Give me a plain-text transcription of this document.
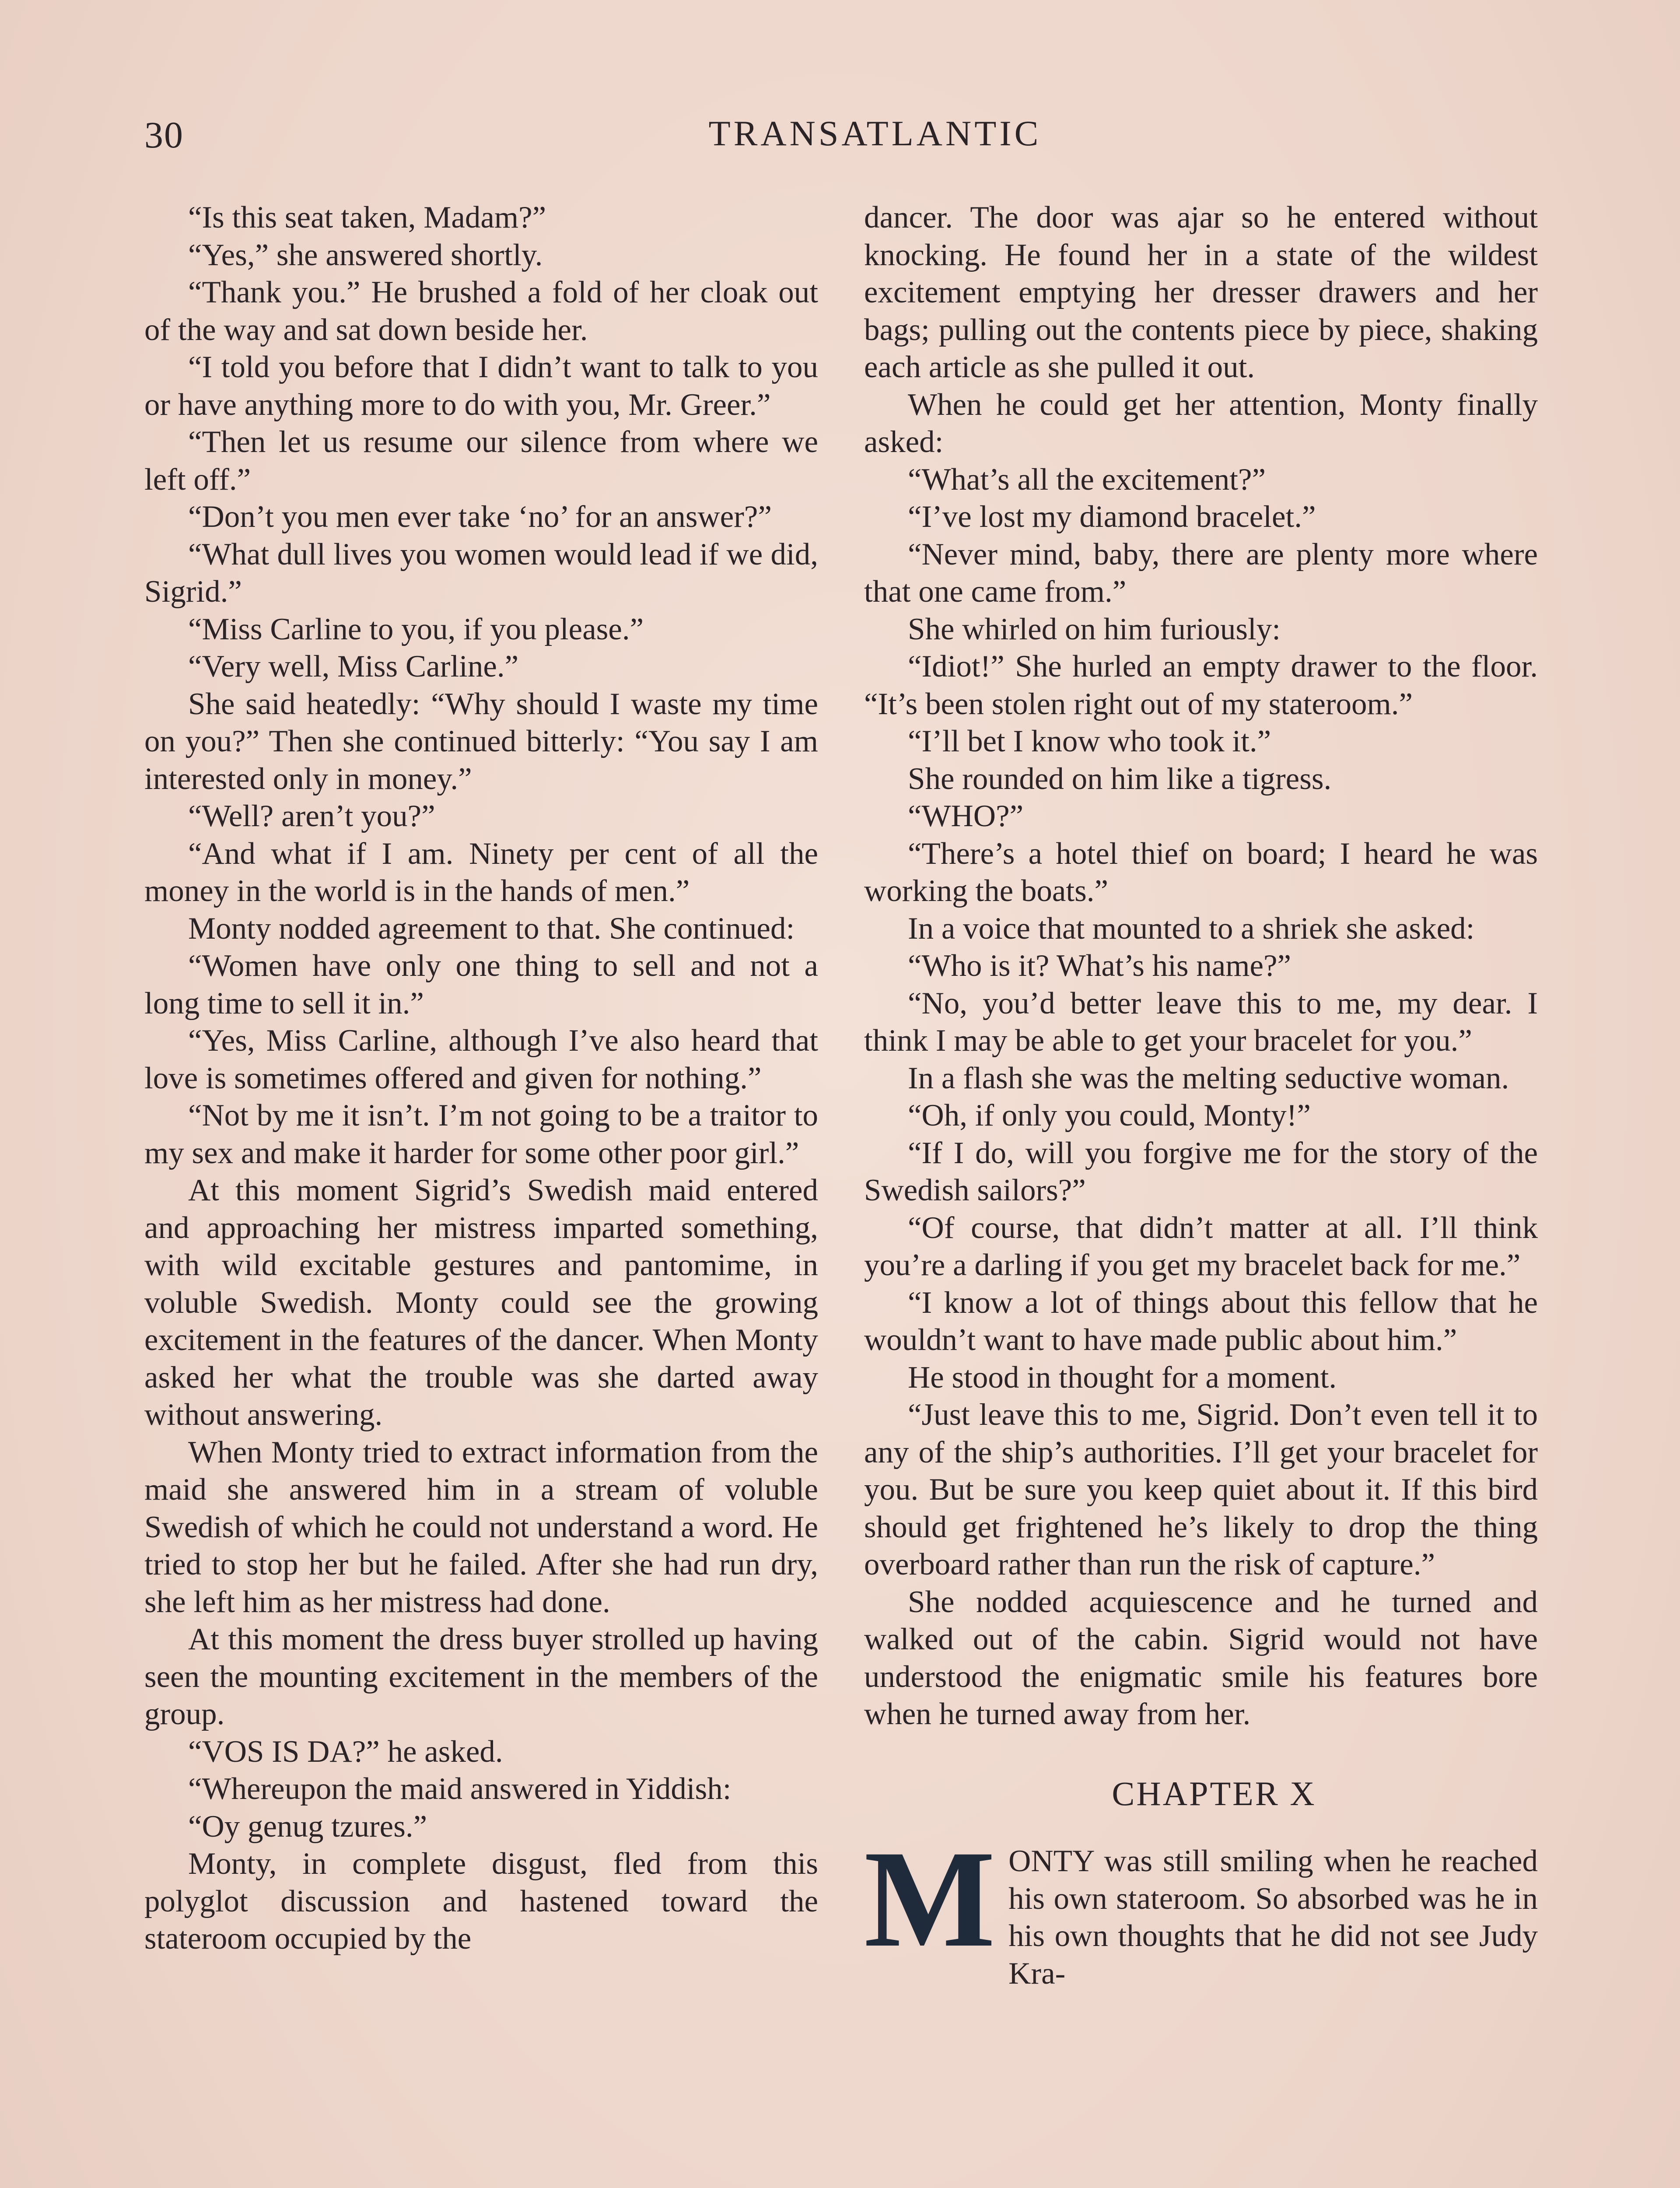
30	TRANSATLANTIC

“Is this seat taken, Madam?”

“Yes,” she answered shortly.

“Thank you.” He brushed a fold of her cloak out of the way and sat down beside her.

“I told you before that I didn’t want to talk to you or have anything more to do with you, Mr. Greer.”

“Then let us resume our silence from where we left off.”

“Don’t you men ever take ‘no’ for an answer?”

“What dull lives you women would lead if we did, Sigrid.”

“Miss Carline to you, if you please.”

“Very well, Miss Carline.”

She said heatedly: “Why should I waste my time on you?” Then she continued bitterly: “You say I am interested only in money.”

“Well? aren’t you?”

“And what if I am. Ninety per cent of all the money in the world is in the hands of men.”

Monty nodded agreement to that. She continued:

“Women have only one thing to sell and not a long time to sell it in.”

“Yes, Miss Carline, although I’ve also heard that love is sometimes offered and given for nothing.”

“Not by me it isn’t. I’m not going to be a traitor to my sex and make it harder for some other poor girl.”

At this moment Sigrid’s Swedish maid entered and approaching her mistress imparted something, with wild excitable gestures and pantomime, in voluble Swedish. Monty could see the growing excitement in the features of the dancer. When Monty asked her what the trouble was she darted away without answering.

When Monty tried to extract information from the maid she answered him in a stream of voluble Swedish of which he could not understand a word. He tried to stop her but he failed. After she had run dry, she left him as her mistress had done.

At this moment the dress buyer strolled up having seen the mounting excitement in the members of the group.

“VOS IS DA?” he asked.

“Whereupon the maid answered in Yiddish:

“Oy genug tzures.”

Monty, in complete disgust, fled from this polyglot discussion and hastened toward the stateroom occupied by the

dancer. The door was ajar so he entered without knocking. He found her in a state of the wildest excitement emptying her dresser drawers and her bags; pulling out the contents piece by piece, shaking each article as she pulled it out.

When he could get her attention, Monty finally asked:

“What’s all the excitement?”

“I’ve lost my diamond bracelet.”

“Never mind, baby, there are plenty more where that one came from.”

She whirled on him furiously:

“Idiot!” She hurled an empty drawer to the floor. “It’s been stolen right out of my stateroom.”

“I’ll bet I know who took it.”

She rounded on him like a tigress.

“WHO?”

“There’s a hotel thief on board; I heard he was working the boats.”

In a voice that mounted to a shriek she asked:

“Who is it? What’s his name?”

“No, you’d better leave this to me, my dear. I think I may be able to get your bracelet for you.”

In a flash she was the melting seductive woman.

“Oh, if only you could, Monty!”

“If I do, will you forgive me for the story of the Swedish sailors?”

“Of course, that didn’t matter at all. I’ll think you’re a darling if you get my bracelet back for me.”

“I know a lot of things about this fellow that he wouldn’t want to have made public about him.”

He stood in thought for a moment.

“Just leave this to me, Sigrid. Don’t even tell it to any of the ship’s authorities. I’ll get your bracelet for you. But be sure you keep quiet about it. If this bird should get frightened he’s likely to drop the thing overboard rather than run the risk of capture.”

She nodded acquiescence and he turned and walked out of the cabin. Sigrid would not have understood the enigmatic smile his features bore when he turned away from her.

CHAPTER X

MONTY was still smiling when he reached his own stateroom. So absorbed was he in his own thoughts that he did not see Judy Kra-
